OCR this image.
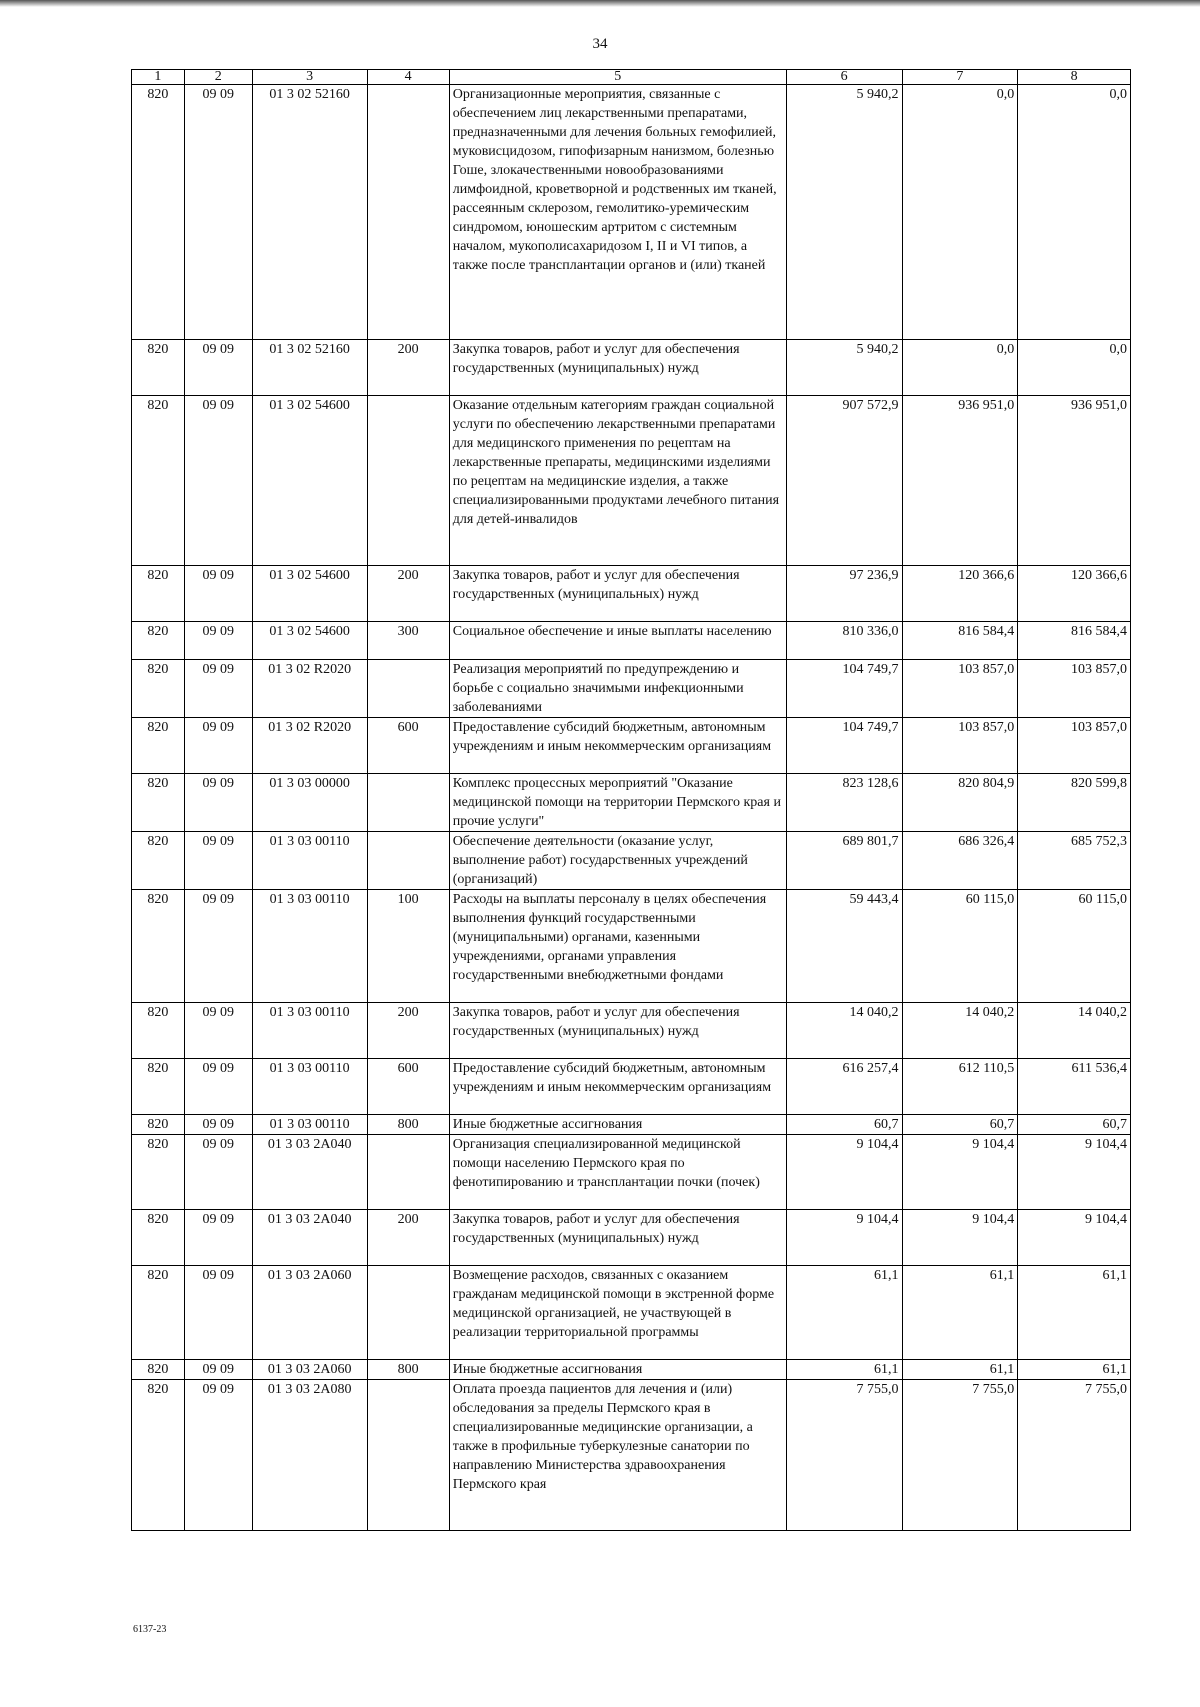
34
1	2	3	4	5	6	7	8
820	09 09	01 3 02 52160		Организационные мероприятия, связанные с обеспечением лиц лекарственными препаратами, предназначенными для лечения больных гемофилией, муковисцидозом, гипофизарным нанизмом, болезнью Гоше, злокачественными новообразованиями лимфоидной, кроветворной и родственных им тканей, рассеянным склерозом, гемолитико-уремическим синдромом, юношеским артритом с системным началом, мукополисахаридозом I, II и VI типов, а также после трансплантации органов и (или) тканей	5 940,2	0,0	0,0
820	09 09	01 3 02 52160	200	Закупка товаров, работ и услуг для обеспечения государственных (муниципальных) нужд	5 940,2	0,0	0,0
820	09 09	01 3 02 54600		Оказание отдельным категориям граждан социальной услуги по обеспечению лекарственными препаратами для медицинского применения по рецептам на лекарственные препараты, медицинскими изделиями по рецептам на медицинские изделия, а также специализированными продуктами лечебного питания для детей-инвалидов	907 572,9	936 951,0	936 951,0
820	09 09	01 3 02 54600	200	Закупка товаров, работ и услуг для обеспечения государственных (муниципальных) нужд	97 236,9	120 366,6	120 366,6
820	09 09	01 3 02 54600	300	Социальное обеспечение и иные выплаты населению	810 336,0	816 584,4	816 584,4
820	09 09	01 3 02 R2020		Реализация мероприятий по предупреждению и борьбе с социально значимыми инфекционными заболеваниями	104 749,7	103 857,0	103 857,0
820	09 09	01 3 02 R2020	600	Предоставление субсидий бюджетным, автономным учреждениям и иным некоммерческим организациям	104 749,7	103 857,0	103 857,0
820	09 09	01 3 03 00000		Комплекс процессных мероприятий "Оказание медицинской помощи на территории Пермского края и прочие услуги"	823 128,6	820 804,9	820 599,8
820	09 09	01 3 03 00110		Обеспечение деятельности (оказание услуг, выполнение работ) государственных учреждений (организаций)	689 801,7	686 326,4	685 752,3
820	09 09	01 3 03 00110	100	Расходы на выплаты персоналу в целях обеспечения выполнения функций государственными (муниципальными) органами, казенными учреждениями, органами управления государственными внебюджетными фондами	59 443,4	60 115,0	60 115,0
820	09 09	01 3 03 00110	200	Закупка товаров, работ и услуг для обеспечения государственных (муниципальных) нужд	14 040,2	14 040,2	14 040,2
820	09 09	01 3 03 00110	600	Предоставление субсидий бюджетным, автономным учреждениям и иным некоммерческим организациям	616 257,4	612 110,5	611 536,4
820	09 09	01 3 03 00110	800	Иные бюджетные ассигнования	60,7	60,7	60,7
820	09 09	01 3 03 2A040		Организация специализированной медицинской помощи населению Пермского края по фенотипированию и трансплантации почки (почек)	9 104,4	9 104,4	9 104,4
820	09 09	01 3 03 2A040	200	Закупка товаров, работ и услуг для обеспечения государственных (муниципальных) нужд	9 104,4	9 104,4	9 104,4
820	09 09	01 3 03 2A060		Возмещение расходов, связанных с оказанием гражданам медицинской помощи в экстренной форме медицинской организацией, не участвующей в реализации территориальной программы	61,1	61,1	61,1
820	09 09	01 3 03 2A060	800	Иные бюджетные ассигнования	61,1	61,1	61,1
820	09 09	01 3 03 2A080		Оплата проезда пациентов для лечения и (или) обследования за пределы Пермского края в специализированные медицинские организации, а также в профильные туберкулезные санатории по направлению Министерства здравоохранения Пермского края	7 755,0	7 755,0	7 755,0
6137-23
